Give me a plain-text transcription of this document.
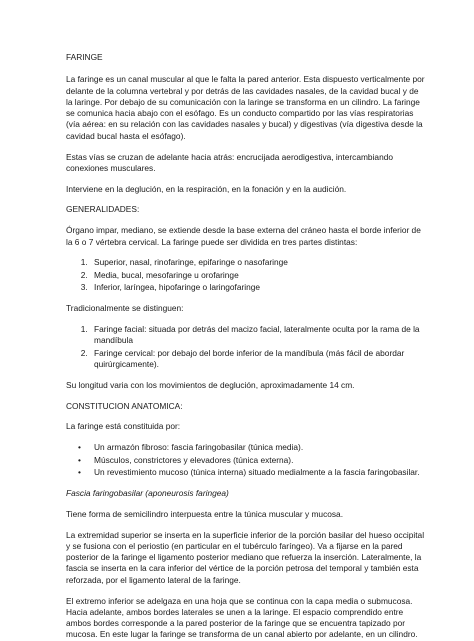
FARINGE

La faringe es un canal muscular al que le falta la pared anterior. Esta dispuesto verticalmente por delante de la columna vertebral y por detrás de las cavidades nasales, de la cavidad bucal y de la laringe. Por debajo de su comunicación con la laringe se transforma en un cilindro. La faringe se comunica hacia abajo con el esófago. Es un conducto compartido por las vías respiratorias (vía aérea: en su relación con las cavidades nasales y bucal) y digestivas (vía digestiva desde la cavidad bucal hasta el esófago).

Estas vías se cruzan de adelante hacia atrás: encrucijada aerodigestiva, intercambiando conexiones musculares.

Interviene en la deglución, en la respiración, en la fonación y en la audición.

GENERALIDADES:

Órgano impar, mediano, se extiende desde la base externa del cráneo hasta el borde inferior de la 6 o 7 vértebra cervical. La faringe puede ser dividida en tres partes distintas:

1. Superior, nasal, rinofaringe, epifaringe o nasofaringe
2. Media, bucal, mesofaringe u orofaringe
3. Inferior, laríngea, hipofaringe o laringofaringe

Tradicionalmente se distinguen:

1. Faringe facial: situada por detrás del macizo facial, lateralmente oculta por la rama de la mandíbula
2. Faringe cervical: por debajo del borde inferior de la mandíbula (más fácil de abordar quirúrgicamente).

Su longitud varia con los movimientos de deglución, aproximadamente 14 cm.

CONSTITUCION ANATOMICA:

La faringe está constituida por:

• Un armazón fibroso: fascia faringobasilar (túnica media).
• Músculos, constrictores y elevadores (túnica externa).
• Un revestimiento mucoso (túnica interna) situado medialmente a la fascia faringobasilar.

Fascia faringobasilar (aponeurosis faringea)

Tiene forma de semicilindro interpuesta entre la túnica muscular y mucosa.

La extremidad superior se inserta en la superficie inferior de la porción basilar del hueso occipital y se fusiona con el periostio (en particular en el tubérculo faríngeo). Va a fijarse en la pared posterior de la faringe el ligamento posterior mediano que refuerza la inserción. Lateralmente, la fascia se inserta en la cara inferior del vértice de la porción petrosa del temporal y también esta reforzada, por el ligamento lateral de la faringe.

El extremo inferior se adelgaza en una hoja que se continua con la capa media o submucosa. Hacia adelante, ambos bordes laterales se unen a la laringe. El espacio comprendido entre ambos bordes corresponde a la pared posterior de la faringe que se encuentra tapizado por mucosa. En este lugar la faringe se transforma de un canal abierto por adelante, en un cilindro.
